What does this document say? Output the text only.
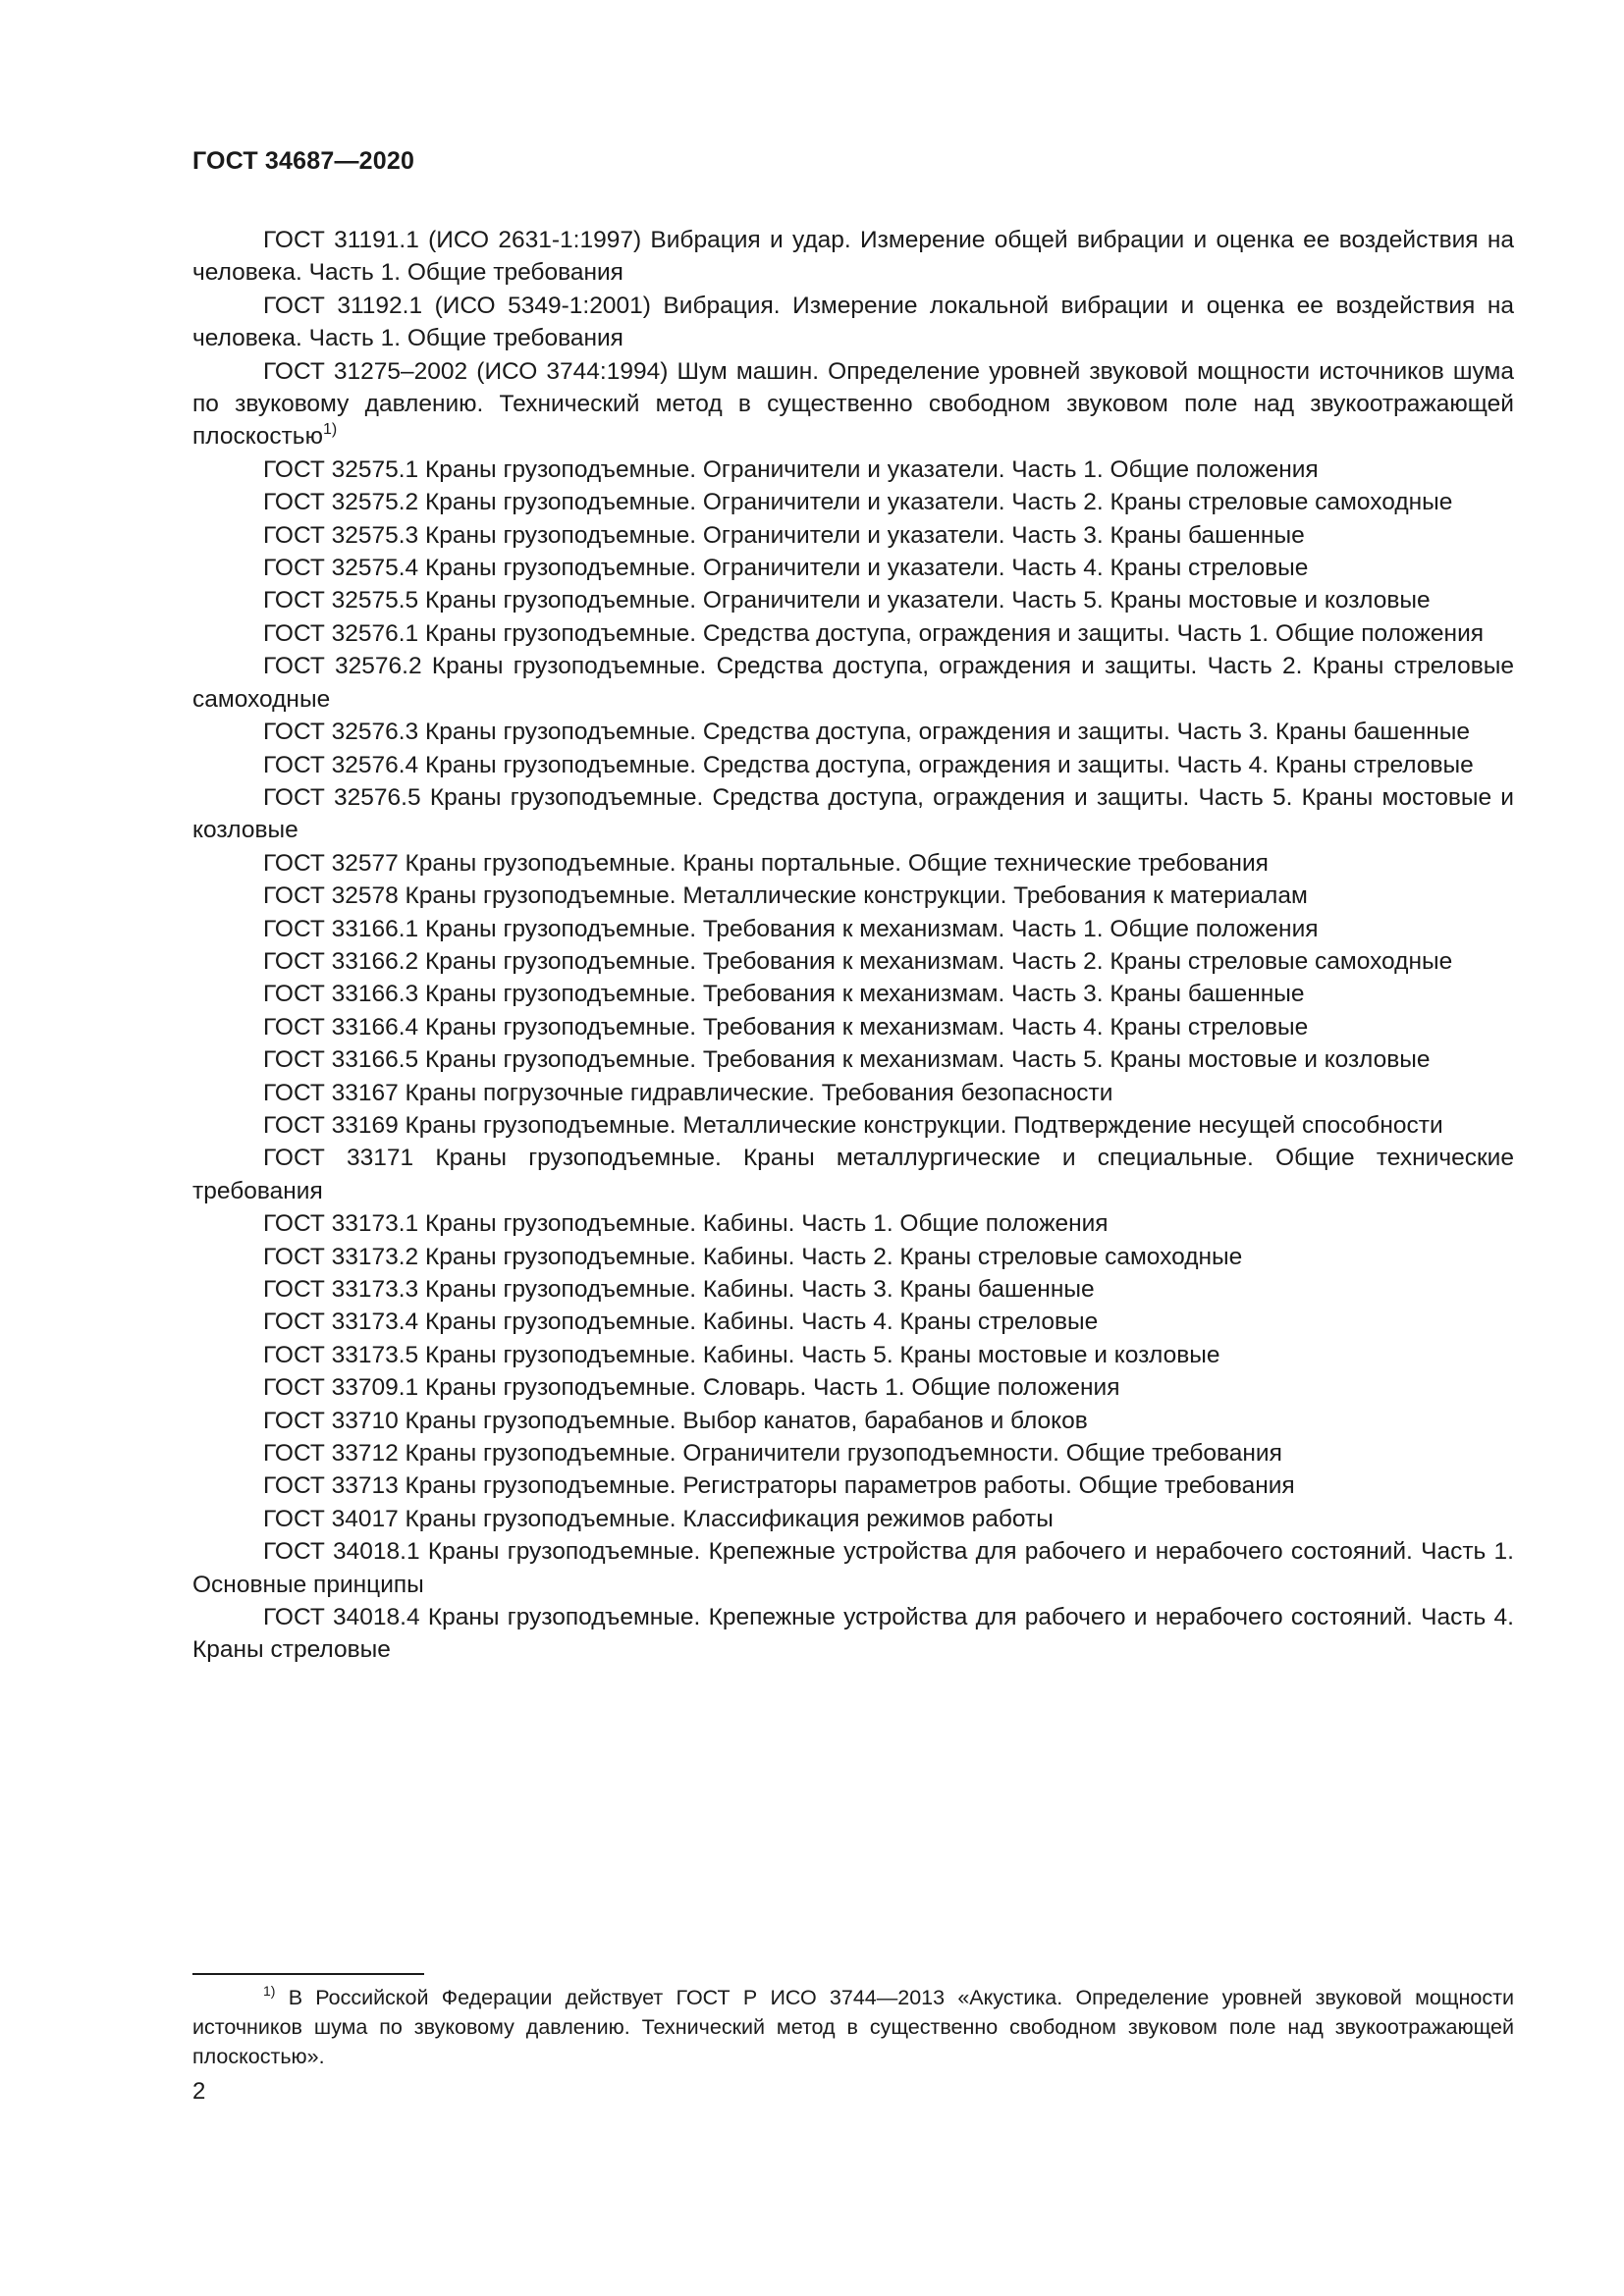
ГОСТ 34687—2020

ГОСТ 31191.1 (ИСО 2631-1:1997) Вибрация и удар. Измерение общей вибрации и оценка ее воздействия на человека. Часть 1. Общие требования

ГОСТ 31192.1 (ИСО 5349-1:2001) Вибрация. Измерение локальной вибрации и оценка ее воздействия на человека. Часть 1. Общие требования

ГОСТ 31275–2002 (ИСО 3744:1994) Шум машин. Определение уровней звуковой мощности источников шума по звуковому давлению. Технический метод в существенно свободном звуковом поле над звукоотражающей плоскостью$^{1)}$

ГОСТ 32575.1 Краны грузоподъемные. Ограничители и указатели. Часть 1. Общие положения

ГОСТ 32575.2 Краны грузоподъемные. Ограничители и указатели. Часть 2. Краны стреловые самоходные

ГОСТ 32575.3 Краны грузоподъемные. Ограничители и указатели. Часть 3. Краны башенные

ГОСТ 32575.4 Краны грузоподъемные. Ограничители и указатели. Часть 4. Краны стреловые

ГОСТ 32575.5 Краны грузоподъемные. Ограничители и указатели. Часть 5. Краны мостовые и козловые

ГОСТ 32576.1 Краны грузоподъемные. Средства доступа, ограждения и защиты. Часть 1. Общие положения

ГОСТ 32576.2 Краны грузоподъемные. Средства доступа, ограждения и защиты. Часть 2. Краны стреловые самоходные

ГОСТ 32576.3 Краны грузоподъемные. Средства доступа, ограждения и защиты. Часть 3. Краны башенные

ГОСТ 32576.4 Краны грузоподъемные. Средства доступа, ограждения и защиты. Часть 4. Краны стреловые

ГОСТ 32576.5 Краны грузоподъемные. Средства доступа, ограждения и защиты. Часть 5. Краны мостовые и козловые

ГОСТ 32577 Краны грузоподъемные. Краны портальные. Общие технические требования

ГОСТ 32578 Краны грузоподъемные. Металлические конструкции. Требования к материалам

ГОСТ 33166.1 Краны грузоподъемные. Требования к механизмам. Часть 1. Общие положения

ГОСТ 33166.2 Краны грузоподъемные. Требования к механизмам. Часть 2. Краны стреловые самоходные

ГОСТ 33166.3 Краны грузоподъемные. Требования к механизмам. Часть 3. Краны башенные

ГОСТ 33166.4 Краны грузоподъемные. Требования к механизмам. Часть 4. Краны стреловые

ГОСТ 33166.5 Краны грузоподъемные. Требования к механизмам. Часть 5. Краны мостовые и козловые

ГОСТ 33167 Краны погрузочные гидравлические. Требования безопасности

ГОСТ 33169 Краны грузоподъемные. Металлические конструкции. Подтверждение несущей способности

ГОСТ 33171 Краны грузоподъемные. Краны металлургические и специальные. Общие технические требования

ГОСТ 33173.1 Краны грузоподъемные. Кабины. Часть 1. Общие положения

ГОСТ 33173.2 Краны грузоподъемные. Кабины. Часть 2. Краны стреловые самоходные

ГОСТ 33173.3 Краны грузоподъемные. Кабины. Часть 3. Краны башенные

ГОСТ 33173.4 Краны грузоподъемные. Кабины. Часть 4. Краны стреловые

ГОСТ 33173.5 Краны грузоподъемные. Кабины. Часть 5. Краны мостовые и козловые

ГОСТ 33709.1 Краны грузоподъемные. Словарь. Часть 1. Общие положения

ГОСТ 33710 Краны грузоподъемные. Выбор канатов, барабанов и блоков

ГОСТ 33712 Краны грузоподъемные. Ограничители грузоподъемности. Общие требования

ГОСТ 33713 Краны грузоподъемные. Регистраторы параметров работы. Общие требования

ГОСТ 34017 Краны грузоподъемные. Классификация режимов работы

ГОСТ 34018.1 Краны грузоподъемные. Крепежные устройства для рабочего и нерабочего состояний. Часть 1. Основные принципы

ГОСТ 34018.4 Краны грузоподъемные. Крепежные устройства для рабочего и нерабочего состояний. Часть 4. Краны стреловые

$^{1)}$ В Российской Федерации действует ГОСТ Р ИСО 3744—2013 «Акустика. Определение уровней звуковой мощности источников шума по звуковому давлению. Технический метод в существенно свободном звуковом поле над звукоотражающей плоскостью».

2
